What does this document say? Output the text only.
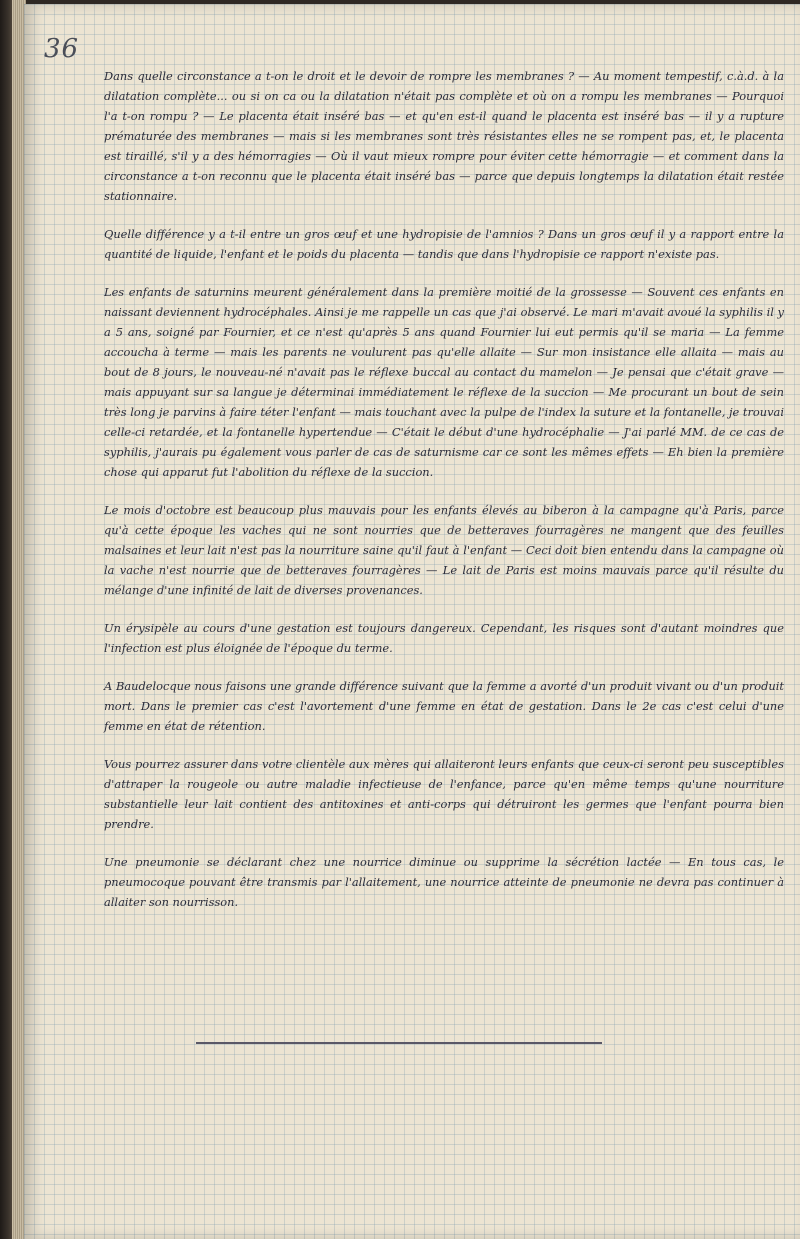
36

Dans quelle circonstance a t-on le droit et le devoir de rompre les membranes ? — Au moment tempestif, c.à.d. à la dilatation complète... ou si on ca ou la dilatation n'était pas complète et où on a rompu les membranes — Pourquoi l'a t-on rompu ? — Le placenta était inséré bas — et qu'en est-il quand le placenta est inséré bas — il y a rupture prématurée des membranes — mais si les membranes sont très résistantes elles ne se rompent pas, et, le placenta est tiraillé, s'il y a des hémorragies — Où il vaut mieux rompre pour éviter cette hémorragie — et comment dans la circonstance a t-on reconnu que le placenta était inséré bas — parce que depuis longtemps la dilatation était restée stationnaire.

Quelle différence y a t-il entre un gros œuf et une hydropisie de l'amnios ? Dans un gros œuf il y a rapport entre la quantité de liquide, l'enfant et le poids du placenta — tandis que dans l'hydropisie ce rapport n'existe pas.

Les enfants de saturnins meurent généralement dans la première moitié de la grossesse — Souvent ces enfants en naissant deviennent hydrocéphales. Ainsi je me rappelle un cas que j'ai observé. Le mari m'avait avoué la syphilis il y a 5 ans, soigné par Fournier, et ce n'est qu'après 5 ans quand Fournier lui eut permis qu'il se maria — La femme accoucha à terme — mais les parents ne voulurent pas qu'elle allaite — Sur mon insistance elle allaita — mais au bout de 8 jours, le nouveau-né n'avait pas le réflexe buccal au contact du mamelon — Je pensai que c'était grave — mais appuyant sur sa langue je déterminai immédiatement le réflexe de la succion — Me procurant un bout de sein très long je parvins à faire téter l'enfant — mais touchant avec la pulpe de l'index la suture et la fontanelle, je trouvai celle-ci retardée, et la fontanelle hypertendue — C'était le début d'une hydrocéphalie — J'ai parlé MM. de ce cas de syphilis, j'aurais pu également vous parler de cas de saturnisme car ce sont les mêmes effets — Eh bien la première chose qui apparut fut l'abolition du réflexe de la succion.

Le mois d'octobre est beaucoup plus mauvais pour les enfants élevés au biberon à la campagne qu'à Paris, parce qu'à cette époque les vaches qui ne sont nourries que de betteraves fourragères ne mangent que des feuilles malsaines et leur lait n'est pas la nourriture saine qu'il faut à l'enfant — Ceci doit bien entendu dans la campagne où la vache n'est nourrie que de betteraves fourragères — Le lait de Paris est moins mauvais parce qu'il résulte du mélange d'une infinité de lait de diverses provenances.

Un érysipèle au cours d'une gestation est toujours dangereux. Cependant, les risques sont d'autant moindres que l'infection est plus éloignée de l'époque du terme.

A Baudelocque nous faisons une grande différence suivant que la femme a avorté d'un produit vivant ou d'un produit mort. Dans le premier cas c'est l'avortement d'une femme en état de gestation. Dans le 2e cas c'est celui d'une femme en état de rétention.

Vous pourrez assurer dans votre clientèle aux mères qui allaiteront leurs enfants que ceux-ci seront peu susceptibles d'attraper la rougeole ou autre maladie infectieuse de l'enfance, parce qu'en même temps qu'une nourriture substantielle leur lait contient des antitoxines et anti-corps qui détruiront les germes que l'enfant pourra bien prendre.

Une pneumonie se déclarant chez une nourrice diminue ou supprime la sécrétion lactée — En tous cas, le pneumocoque pouvant être transmis par l'allaitement, une nourrice atteinte de pneumonie ne devra pas continuer à allaiter son nourrisson.
